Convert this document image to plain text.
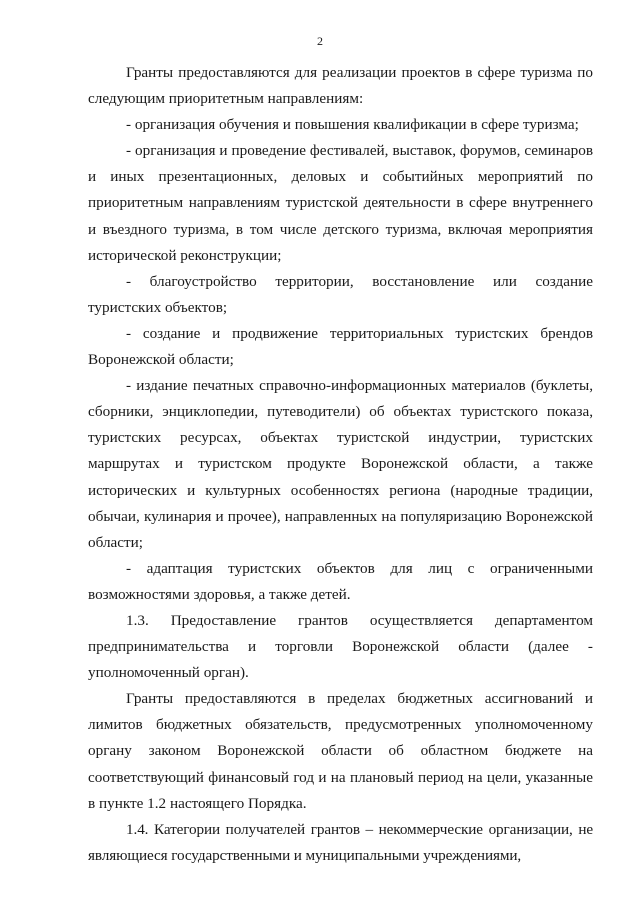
2

Гранты предоставляются для реализации проектов в сфере туризма по следующим приоритетным направлениям:

- организация обучения и повышения квалификации в сфере туризма;

- организация и проведение фестивалей, выставок, форумов, семинаров и иных презентационных, деловых и событийных мероприятий по приоритетным направлениям туристской деятельности в сфере внутреннего и въездного туризма, в том числе детского туризма, включая мероприятия исторической реконструкции;

- благоустройство территории, восстановление или создание туристских объектов;

- создание и продвижение территориальных туристских брендов Воронежской области;

- издание печатных справочно-информационных материалов (буклеты, сборники, энциклопедии, путеводители) об объектах туристского показа, туристских ресурсах, объектах туристской индустрии, туристских маршрутах и туристском продукте Воронежской области, а также исторических и культурных особенностях региона (народные традиции, обычаи, кулинария и прочее), направленных на популяризацию Воронежской области;

- адаптация туристских объектов для лиц с ограниченными возможностями здоровья, а также детей.

1.3. Предоставление грантов осуществляется департаментом предпринимательства и торговли Воронежской области (далее - уполномоченный орган).

Гранты предоставляются в пределах бюджетных ассигнований и лимитов бюджетных обязательств, предусмотренных уполномоченному органу законом Воронежской области об областном бюджете на соответствующий финансовый год и на плановый период на цели, указанные в пункте 1.2 настоящего Порядка.

1.4. Категории получателей грантов – некоммерческие организации, не являющиеся государственными и муниципальными учреждениями,
